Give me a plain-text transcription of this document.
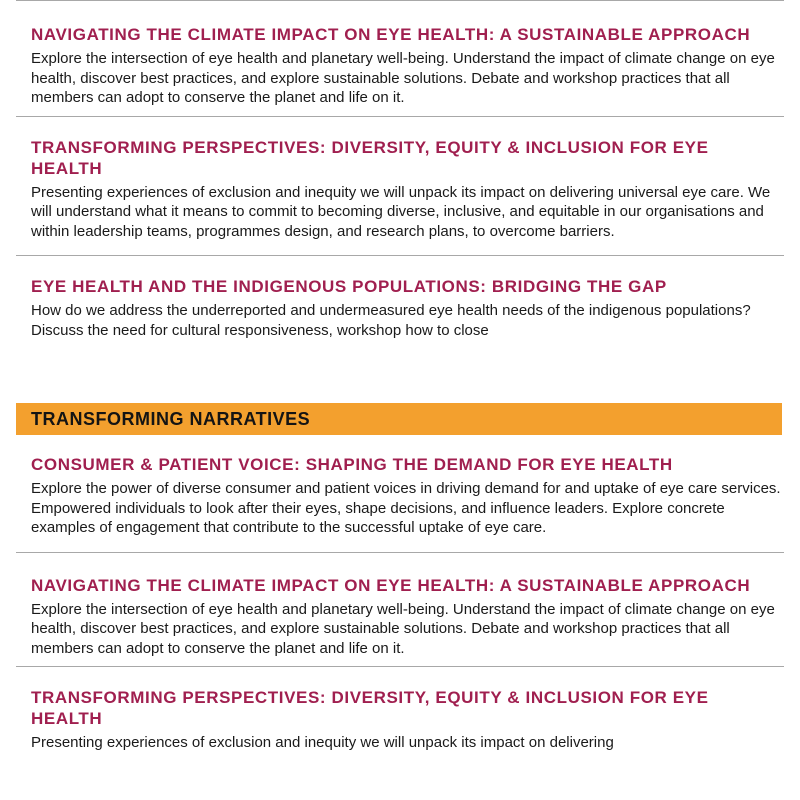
NAVIGATING THE CLIMATE IMPACT ON EYE HEALTH: A SUSTAINABLE APPROACH

Explore the intersection of eye health and planetary well-being. Understand the impact of climate change on eye health, discover best practices, and explore sustainable solutions. Debate and workshop practices that all members can adopt to conserve the planet and life on it.

TRANSFORMING PERSPECTIVES: DIVERSITY, EQUITY & INCLUSION FOR EYE HEALTH

Presenting experiences of exclusion and inequity we will unpack its impact on delivering universal eye care. We will understand what it means to commit to becoming diverse, inclusive, and equitable in our organisations and within leadership teams, programmes design, and research plans, to overcome barriers.

EYE HEALTH AND THE INDIGENOUS POPULATIONS: BRIDGING THE GAP

How do we address the underreported and undermeasured eye health needs of the indigenous populations? Discuss the need for cultural responsiveness, workshop how to close

TRANSFORMING NARRATIVES
CONSUMER & PATIENT VOICE: SHAPING THE DEMAND FOR EYE HEALTH

Explore the power of diverse consumer and patient voices in driving demand for and uptake of eye care services. Empowered individuals to look after their eyes, shape decisions, and influence leaders. Explore concrete examples of engagement that contribute to the successful uptake of eye care.

NAVIGATING THE CLIMATE IMPACT ON EYE HEALTH: A SUSTAINABLE APPROACH

Explore the intersection of eye health and planetary well-being. Understand the impact of climate change on eye health, discover best practices, and explore sustainable solutions. Debate and workshop practices that all members can adopt to conserve the planet and life on it.

TRANSFORMING PERSPECTIVES: DIVERSITY, EQUITY & INCLUSION FOR EYE HEALTH

Presenting experiences of exclusion and inequity we will unpack its impact on delivering
